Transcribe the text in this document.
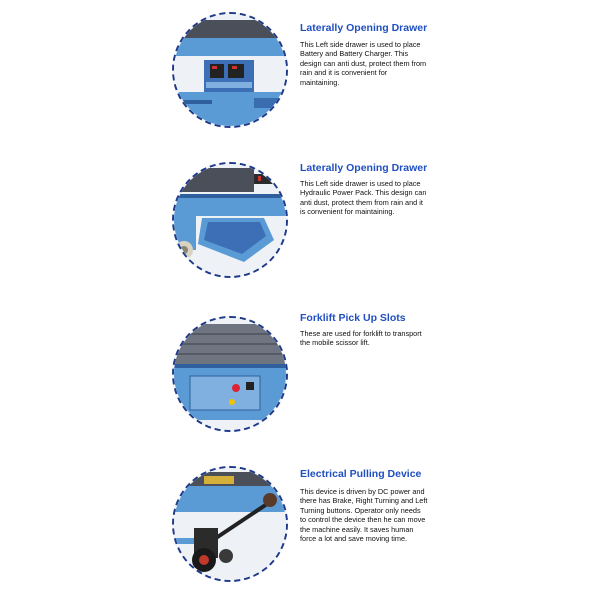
Laterally Opening Drawer

This Left side drawer is used to place Battery and Battery Charger. This design can anti dust, protect them from rain and it is convenient for maintaining.

Laterally Opening Drawer

This Left side drawer is used to place Hydraulic Power Pack. This design can anti dust, protect them from rain and it is convenient for maintaining.

Forklift Pick Up Slots

These are used for forklift to transport the mobile scissor lift.

Electrical Pulling Device

This device is driven by DC power and there has Brake, Right Turning and Left Turning buttons. Operator only needs to control the device then he can move the machine easily. It saves human force a lot and save moving time.
